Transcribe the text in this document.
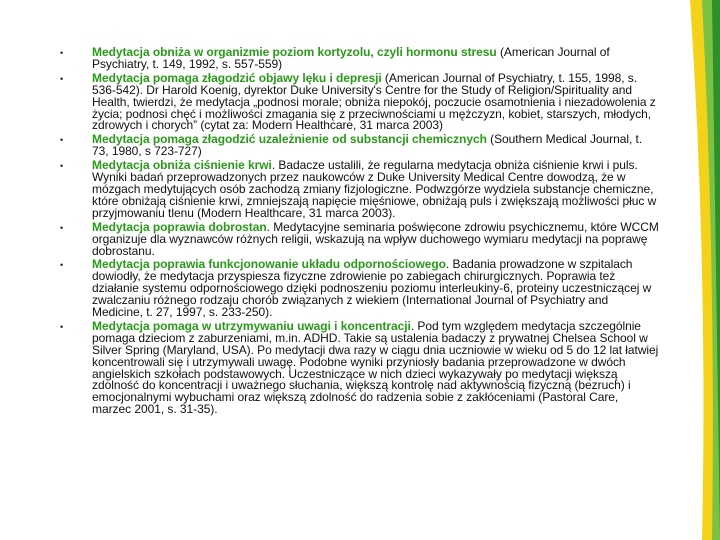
•	Medytacja obniża w organizmie poziom kortyzolu, czyli hormonu stresu (American Journal of Psychiatry, t. 149, 1992, s. 557-559)
•	Medytacja pomaga złagodzić objawy lęku i depresji (American Journal of Psychiatry, t. 155, 1998, s. 536-542). Dr Harold Koenig, dyrektor Duke University's Centre for the Study of Religion/Spirituality and Health, twierdzi, że medytacja „podnosi morale; obniża niepokój, poczucie osamotnienia i niezadowolenia z życia; podnosi chęć i możliwości zmagania się z przeciwnościami u mężczyzn, kobiet, starszych, młodych, zdrowych i chorych” (cytat za: Modern Healthcare, 31 marca 2003)
•	Medytacja pomaga złagodzić uzależnienie od substancji chemicznych (Southern Medical Journal, t. 73, 1980, s 723-727)
•	Medytacja obniża ciśnienie krwi. Badacze ustalili, że regularna medytacja obniża ciśnienie krwi i puls. Wyniki badań przeprowadzonych przez naukowców z Duke University Medical Centre dowodzą, że w mózgach medytujących osób zachodzą zmiany fizjologiczne. Podwzgórze wydziela substancje chemiczne, które obniżają ciśnienie krwi, zmniejszają napięcie mięśniowe, obniżają puls i zwiększają możliwości płuc w przyjmowaniu tlenu (Modern Healthcare, 31 marca 2003).
•	Medytacja poprawia dobrostan. Medytacyjne seminaria poświęcone zdrowiu psychicznemu, które WCCM organizuje dla wyznawców różnych religii, wskazują na wpływ duchowego wymiaru medytacji na poprawę dobrostanu.
•	Medytacja poprawia funkcjonowanie układu odpornościowego. Badania prowadzone w szpitalach dowiodły, że medytacja przyspiesza fizyczne zdrowienie po zabiegach chirurgicznych. Poprawia też działanie systemu odpornościowego dzięki podnoszeniu poziomu interleukiny-6, proteiny uczestniczącej w zwalczaniu różnego rodzaju chorób związanych z wiekiem (International Journal of Psychiatry and Medicine, t. 27, 1997, s. 233-250).
•	Medytacja pomaga w utrzymywaniu uwagi i koncentracji. Pod tym względem medytacja szczególnie pomaga dzieciom z zaburzeniami, m.in. ADHD. Takie są ustalenia badaczy z prywatnej Chelsea School w Silver Spring (Maryland, USA). Po medytacji dwa razy w ciągu dnia uczniowie w wieku od 5 do 12 lat łatwiej koncentrowali się i utrzymywali uwagę. Podobne wyniki przyniosły badania przeprowadzone w dwóch angielskich szkołach podstawowych. Uczestniczące w nich dzieci wykazywały po medytacji większą zdolność do koncentracji i uważnego słuchania, większą kontrolę nad aktywnością fizyczną (bezruch) i emocjonalnymi wybuchami oraz większą zdolność do radzenia sobie z zakłóceniami (Pastoral Care, marzec 2001, s. 31-35).
